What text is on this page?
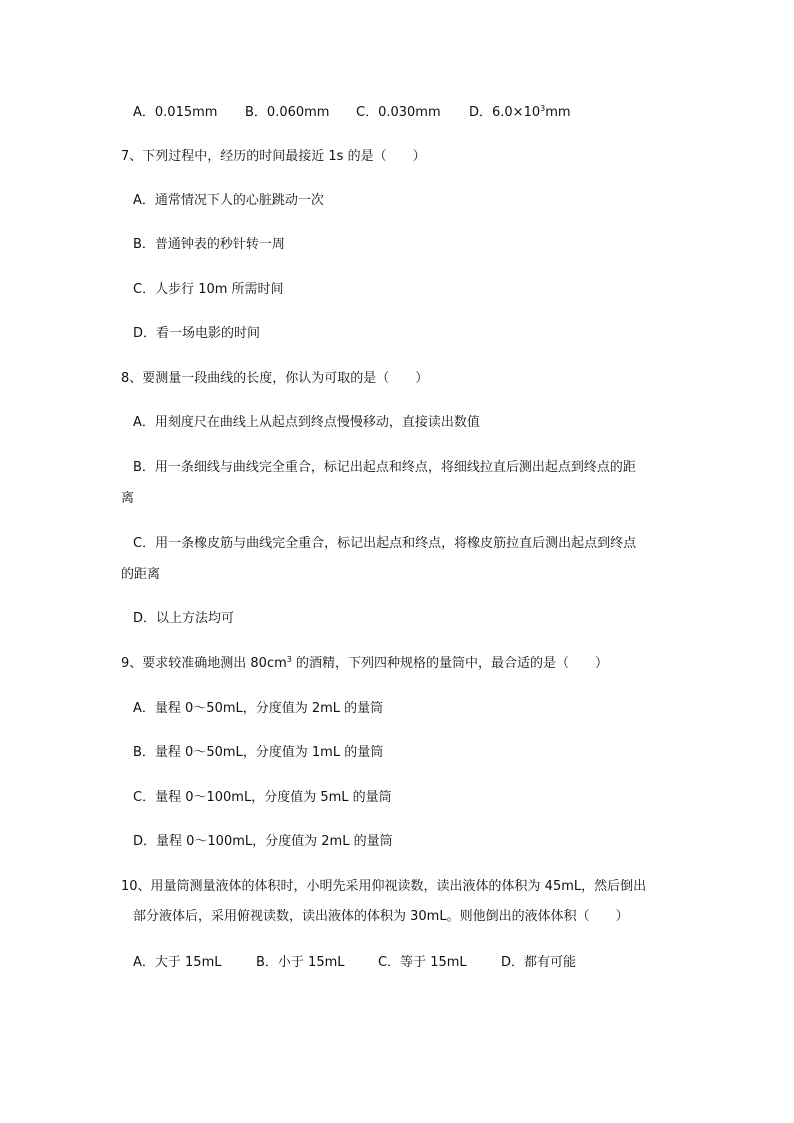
A．0.015mm	B．0.060mm	C．0.030mm	D．$6.0\times 10^3mm$
7、下列过程中，经历的时间最接近 1s 的是（　　）
A．通常情况下人的心脏跳动一次
B．普通钟表的秒针转一周
C．人步行 10m 所需时间
D．看一场电影的时间
8、要测量一段曲线的长度，你认为可取的是（　　）
A．用刻度尺在曲线上从起点到终点慢慢移动，直接读出数值
B．用一条细线与曲线完全重合，标记出起点和终点，将细线拉直后测出起点到终点的距
离
C．用一条橡皮筋与曲线完全重合，标记出起点和终点，将橡皮筋拉直后测出起点到终点
的距离
D．以上方法均可
9、要求较准确地测出 $80cm^3$ 的酒精，下列四种规格的量筒中，最合适的是（　　）
A．量程 0～50mL，分度值为 2mL 的量筒
B．量程 0～50mL，分度值为 1mL 的量筒
C．量程 0～100mL，分度值为 5mL 的量筒
D．量程 0～100mL，分度值为 2mL 的量筒
10、用量筒测量液体的体积时，小明先采用仰视读数，读出液体的体积为 45mL，然后倒出
部分液体后，采用俯视读数，读出液体的体积为 30mL。则他倒出的液体体积（　　）
A．大于 15mL	B．小于 15mL	C．等于 15mL	D．都有可能
